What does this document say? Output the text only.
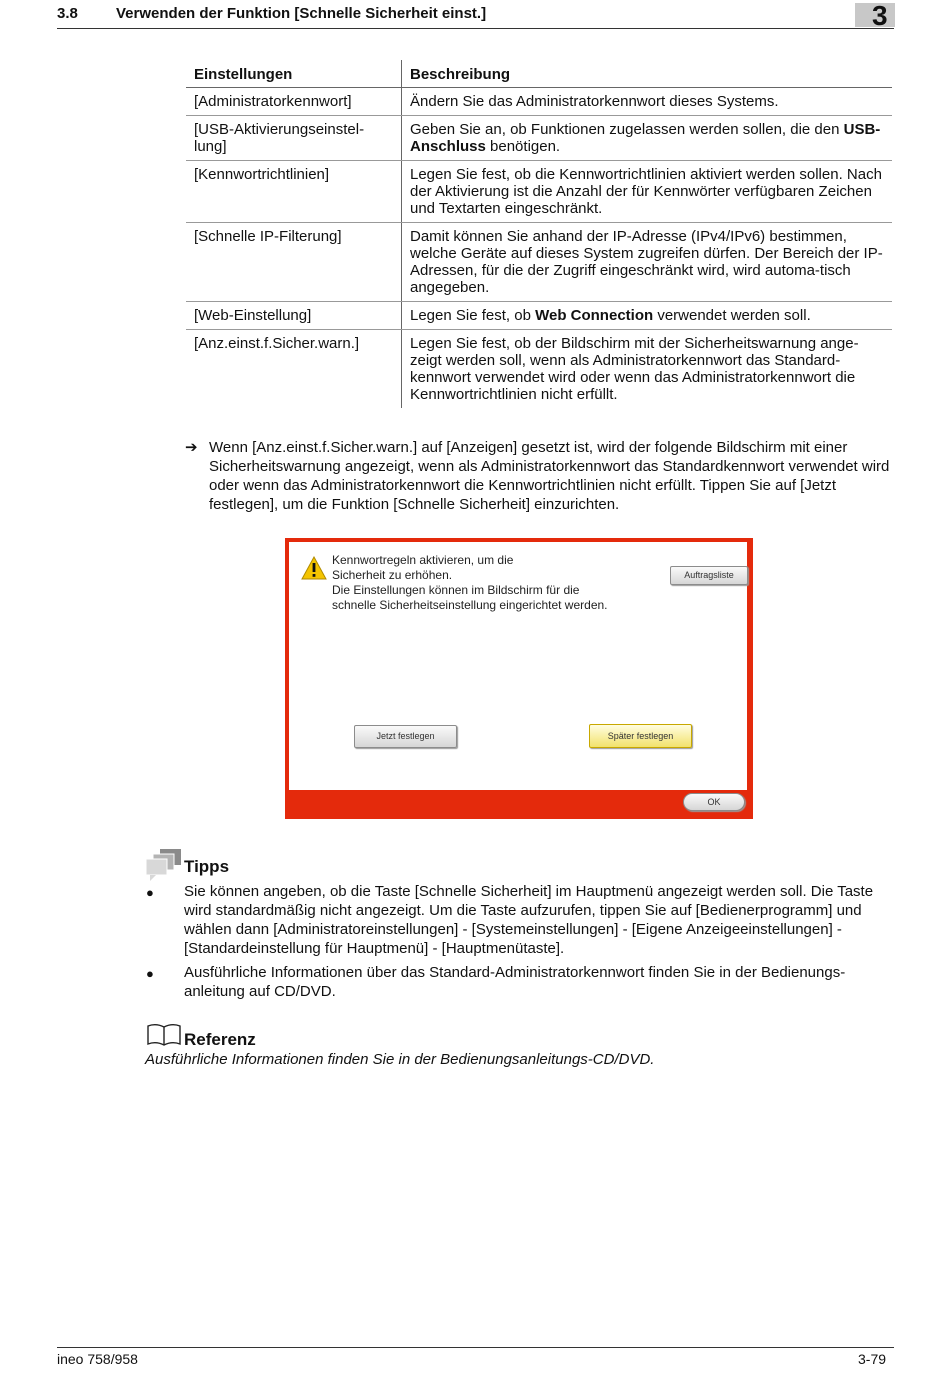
3.8	Verwenden der Funktion [Schnelle Sicherheit einst.]	3
Einstellungen	Beschreibung
[Administratorkennwort]	Ändern Sie das Administratorkennwort dieses Systems.
[USB-Aktivierungseinstel-
lung]	Geben Sie an, ob Funktionen zugelassen werden sollen, die den USB-Anschluss benötigen.
[Kennwortrichtlinien]	Legen Sie fest, ob die Kennwortrichtlinien aktiviert werden sollen. Nach der Aktivierung ist die Anzahl der für Kennwörter verfügbaren Zeichen und Textarten eingeschränkt.
[Schnelle IP-Filterung]	Damit können Sie anhand der IP-Adresse (IPv4/IPv6) bestimmen, welche Geräte auf dieses System zugreifen dürfen. Der Bereich der IP-Adressen, für die der Zugriff eingeschränkt wird, wird automa-tisch angegeben.
[Web-Einstellung]	Legen Sie fest, ob Web Connection verwendet werden soll.
[Anz.einst.f.Sicher.warn.]	Legen Sie fest, ob der Bildschirm mit der Sicherheitswarnung ange-zeigt werden soll, wenn als Administratorkennwort das Standard-kennwort verwendet wird oder wenn das Administratorkennwort die Kennwortrichtlinien nicht erfüllt.
➔ Wenn [Anz.einst.f.Sicher.warn.] auf [Anzeigen] gesetzt ist, wird der folgende Bildschirm mit einer Sicherheitswarnung angezeigt, wenn als Administratorkennwort das Standardkennwort verwendet wird oder wenn das Administratorkennwort die Kennwortrichtlinien nicht erfüllt. Tippen Sie auf [Jetzt festlegen], um die Funktion [Schnelle Sicherheit] einzurichten.
Kennwortregeln aktivieren, um die
Sicherheit zu erhöhen.
Die Einstellungen können im Bildschirm für die
schnelle Sicherheitseinstellung eingerichtet werden.
Auftragsliste
Jetzt festlegen	Später festlegen
OK
Tipps
● Sie können angeben, ob die Taste [Schnelle Sicherheit] im Hauptmenü angezeigt werden soll. Die Taste wird standardmäßig nicht angezeigt. Um die Taste aufzurufen, tippen Sie auf [Bedienerprogramm] und wählen dann [Administratoreinstellungen] - [Systemeinstellungen] - [Eigene Anzeigeeinstellungen] - [Standardeinstellung für Hauptmenü] - [Hauptmenütaste].
● Ausführliche Informationen über das Standard-Administratorkennwort finden Sie in der Bedienungs-anleitung auf CD/DVD.
Referenz
Ausführliche Informationen finden Sie in der Bedienungsanleitungs-CD/DVD.
ineo 758/958	3-79
